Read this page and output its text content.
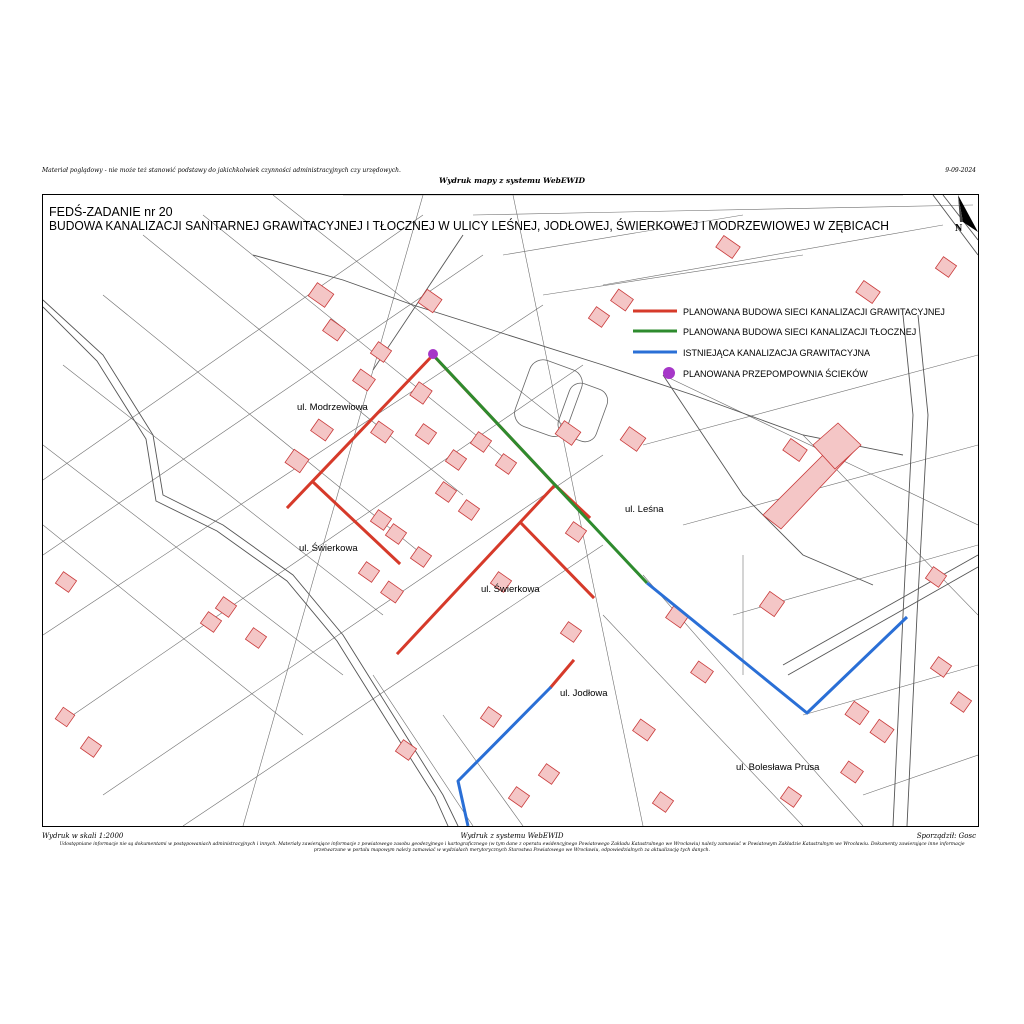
Materiał poglądowy - nie może też stanowić podstawy do jakichkolwiek czynności administracyjnych czy urzędowych.	9-09-2024
Wydruk mapy z systemu WebEWID
N
FEDŚ-ZADANIE nr 20
BUDOWA KANALIZACJI SANITARNEJ GRAWITACYJNEJ I TŁOCZNEJ W ULICY LEŚNEJ, JODŁOWEJ, ŚWIERKOWEJ I MODRZEWIOWEJ W ZĘBICACH
ul. Modrzewiowa
ul. Świerkowa
ul. Świerkowa
ul. Leśna
ul. Jodłowa
ul. Bolesława Prusa
PLANOWANA BUDOWA SIECI KANALIZACJI GRAWITACYJNEJ
PLANOWANA BUDOWA SIECI KANALIZACJI TŁOCZNEJ
ISTNIEJĄCA KANALIZACJA GRAWITACYJNA
PLANOWANA PRZEPOMPOWNIA ŚCIEKÓW
Wydruk w skali 1:2000	Wydruk z systemu WebEWID	Sporządził: Gosc
Udostępniane informacje nie są dokumentami w postępowaniach administracyjnych i innych. Materiały zawierające informacje z powiatowego zasobu geodezyjnego i kartograficznego (w tym dane z operatu ewidencyjnego Powiatowego Zakładu Katastralnego we Wrocławiu) należy zamawiać w Powiatowym Zakładzie Katastralnym we Wrocławiu. Dokumenty zawierające inne informacje
przetwarzane w portalu mapowym należy zamawiać w wydziałach merytorycznych Starostwa Powiatowego we Wrocławiu, odpowiedzialnych za aktualizację tych danych.
